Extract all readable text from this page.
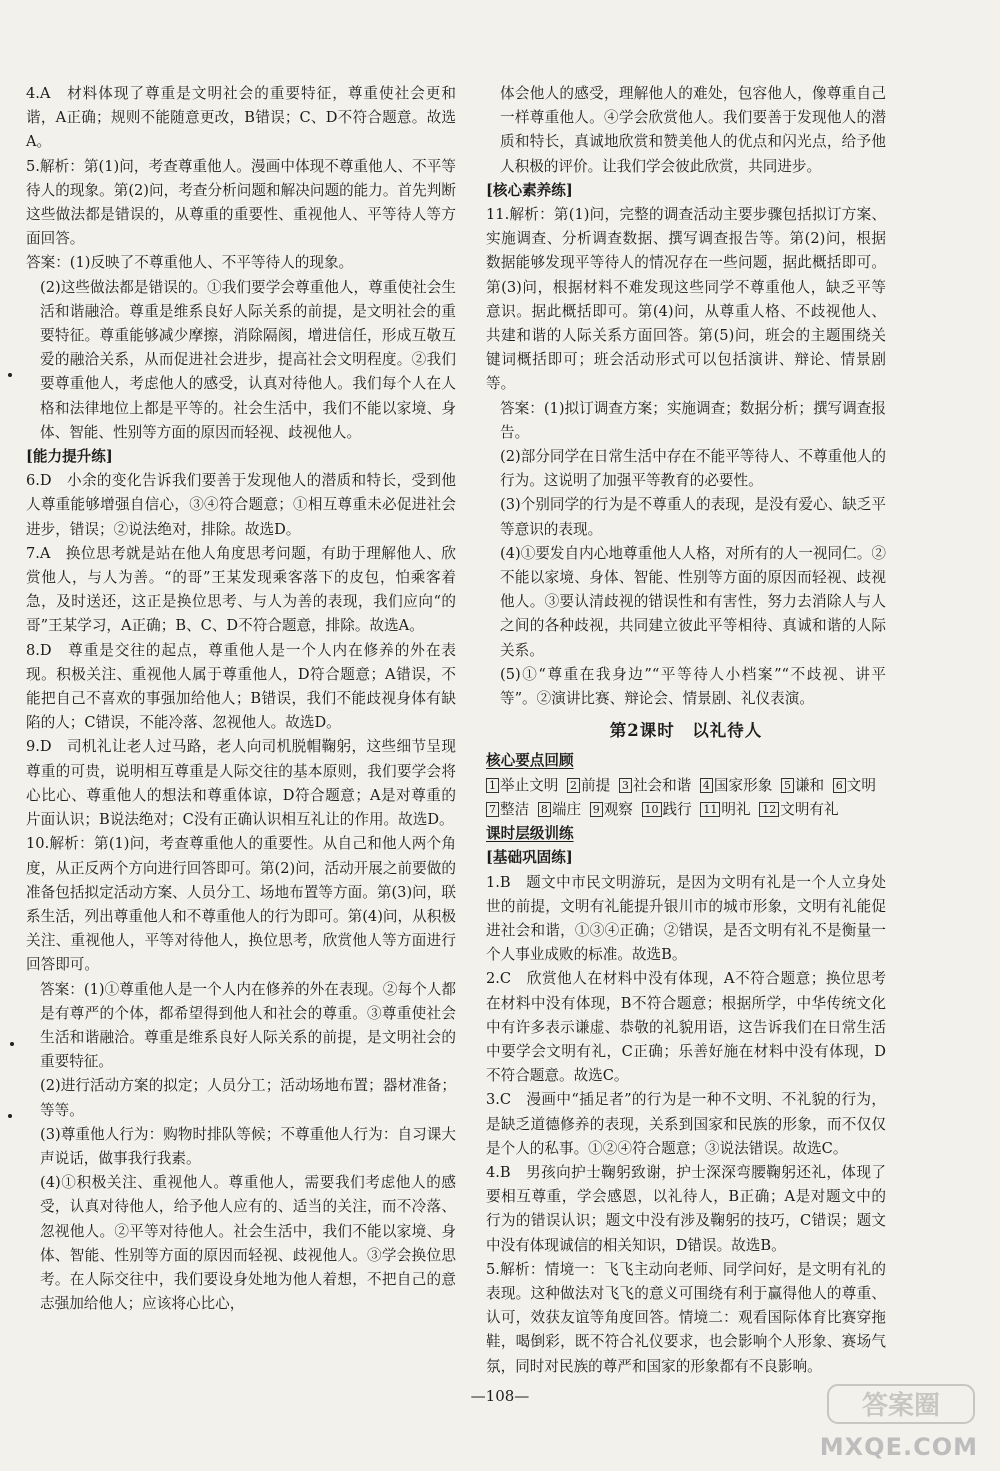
4.A　材料体现了尊重是文明社会的重要特征，尊重使社会更和谐，A正确；规则不能随意更改，B错误；C、D不符合题意。故选A。

5.解析：第(1)问，考查尊重他人。漫画中体现不尊重他人、不平等待人的现象。第(2)问，考查分析问题和解决问题的能力。首先判断这些做法都是错误的，从尊重的重要性、重视他人、平等待人等方面回答。

答案：(1)反映了不尊重他人、不平等待人的现象。

(2)这些做法都是错误的。①我们要学会尊重他人，尊重使社会生活和谐融洽。尊重是维系良好人际关系的前提，是文明社会的重要特征。尊重能够减少摩擦，消除隔阂，增进信任，形成互敬互爱的融洽关系，从而促进社会进步，提高社会文明程度。②我们要尊重他人，考虑他人的感受，认真对待他人。我们每个人在人格和法律地位上都是平等的。社会生活中，我们不能以家境、身体、智能、性别等方面的原因而轻视、歧视他人。

[能力提升练]

6.D　小余的变化告诉我们要善于发现他人的潜质和特长，受到他人尊重能够增强自信心，③④符合题意；①相互尊重未必促进社会进步，错误；②说法绝对，排除。故选D。

7.A　换位思考就是站在他人角度思考问题，有助于理解他人、欣赏他人，与人为善。“的哥”王某发现乘客落下的皮包，怕乘客着急，及时送还，这正是换位思考、与人为善的表现，我们应向“的哥”王某学习，A正确；B、C、D不符合题意，排除。故选A。

8.D　尊重是交往的起点，尊重他人是一个人内在修养的外在表现。积极关注、重视他人属于尊重他人，D符合题意；A错误，不能把自己不喜欢的事强加给他人；B错误，我们不能歧视身体有缺陷的人；C错误，不能冷落、忽视他人。故选D。

9.D　司机礼让老人过马路，老人向司机脱帽鞠躬，这些细节呈现尊重的可贵，说明相互尊重是人际交往的基本原则，我们要学会将心比心、尊重他人的想法和尊重体谅，D符合题意；A是对尊重的片面认识；B说法绝对；C没有正确认识相互礼让的作用。故选D。

10.解析：第(1)问，考查尊重他人的重要性。从自己和他人两个角度，从正反两个方向进行回答即可。第(2)问，活动开展之前要做的准备包括拟定活动方案、人员分工、场地布置等方面。第(3)问，联系生活，列出尊重他人和不尊重他人的行为即可。第(4)问，从积极关注、重视他人，平等对待他人，换位思考，欣赏他人等方面进行回答即可。

答案：(1)①尊重他人是一个人内在修养的外在表现。②每个人都是有尊严的个体，都希望得到他人和社会的尊重。③尊重使社会生活和谐融洽。尊重是维系良好人际关系的前提，是文明社会的重要特征。

(2)进行活动方案的拟定；人员分工；活动场地布置；器材准备；等等。

(3)尊重他人行为：购物时排队等候；不尊重他人行为：自习课大声说话，做事我行我素。

(4)①积极关注、重视他人。尊重他人，需要我们考虑他人的感受，认真对待他人，给予他人应有的、适当的关注，而不冷落、忽视他人。②平等对待他人。社会生活中，我们不能以家境、身体、智能、性别等方面的原因而轻视、歧视他人。③学会换位思考。在人际交往中，我们要设身处地为他人着想，不把自己的意志强加给他人；应该将心比心，

体会他人的感受，理解他人的难处，包容他人，像尊重自己一样尊重他人。④学会欣赏他人。我们要善于发现他人的潜质和特长，真诚地欣赏和赞美他人的优点和闪光点，给予他人积极的评价。让我们学会彼此欣赏，共同进步。

[核心素养练]

11.解析：第(1)问，完整的调查活动主要步骤包括拟订方案、实施调查、分析调查数据、撰写调查报告等。第(2)问，根据数据能够发现平等待人的情况存在一些问题，据此概括即可。第(3)问，根据材料不难发现这些同学不尊重他人，缺乏平等意识。据此概括即可。第(4)问，从尊重人格、不歧视他人、共建和谐的人际关系方面回答。第(5)问，班会的主题围绕关键词概括即可；班会活动形式可以包括演讲、辩论、情景剧等。

答案：(1)拟订调查方案；实施调查；数据分析；撰写调查报告。

(2)部分同学在日常生活中存在不能平等待人、不尊重他人的行为。这说明了加强平等教育的必要性。

(3)个别同学的行为是不尊重人的表现，是没有爱心、缺乏平等意识的表现。

(4)①要发自内心地尊重他人人格，对所有的人一视同仁。②不能以家境、身体、智能、性别等方面的原因而轻视、歧视他人。③要认清歧视的错误性和有害性，努力去消除人与人之间的各种歧视，共同建立彼此平等相待、真诚和谐的人际关系。

(5)①“尊重在我身边”“平等待人小档案”“不歧视、讲平等”。②演讲比赛、辩论会、情景剧、礼仪表演。

第2课时　以礼待人

核心要点回顾

1 举止文明 2 前提 3 社会和谐 4 国家形象 5 谦和 6 文明 7 整洁 8 端庄 9 观察 10 践行 11 明礼 12 文明有礼

课时层级训练

[基础巩固练]

1.B　题文中市民文明游玩，是因为文明有礼是一个人立身处世的前提，文明有礼能提升银川市的城市形象，文明有礼能促进社会和谐，①③④正确；②错误，是否文明有礼不是衡量一个人事业成败的标准。故选B。

2.C　欣赏他人在材料中没有体现，A不符合题意；换位思考在材料中没有体现，B不符合题意；根据所学，中华传统文化中有许多表示谦虚、恭敬的礼貌用语，这告诉我们在日常生活中要学会文明有礼，C正确；乐善好施在材料中没有体现，D不符合题意。故选C。

3.C　漫画中“插足者”的行为是一种不文明、不礼貌的行为，是缺乏道德修养的表现，关系到国家和民族的形象，而不仅仅是个人的私事。①②④符合题意；③说法错误。故选C。

4.B　男孩向护士鞠躬致谢，护士深深弯腰鞠躬还礼，体现了要相互尊重，学会感恩，以礼待人，B正确；A是对题文中的行为的错误认识；题文中没有涉及鞠躬的技巧，C错误；题文中没有体现诚信的相关知识，D错误。故选B。

5.解析：情境一：飞飞主动向老师、同学问好，是文明有礼的表现。这种做法对飞飞的意义可围绕有利于赢得他人的尊重、认可，效获友谊等角度回答。情境二：观看国际体育比赛穿拖鞋，喝倒彩，既不符合礼仪要求，也会影响个人形象、赛场气氛，同时对民族的尊严和国家的形象都有不良影响。

—108—	答案圈
MXQE.COM
